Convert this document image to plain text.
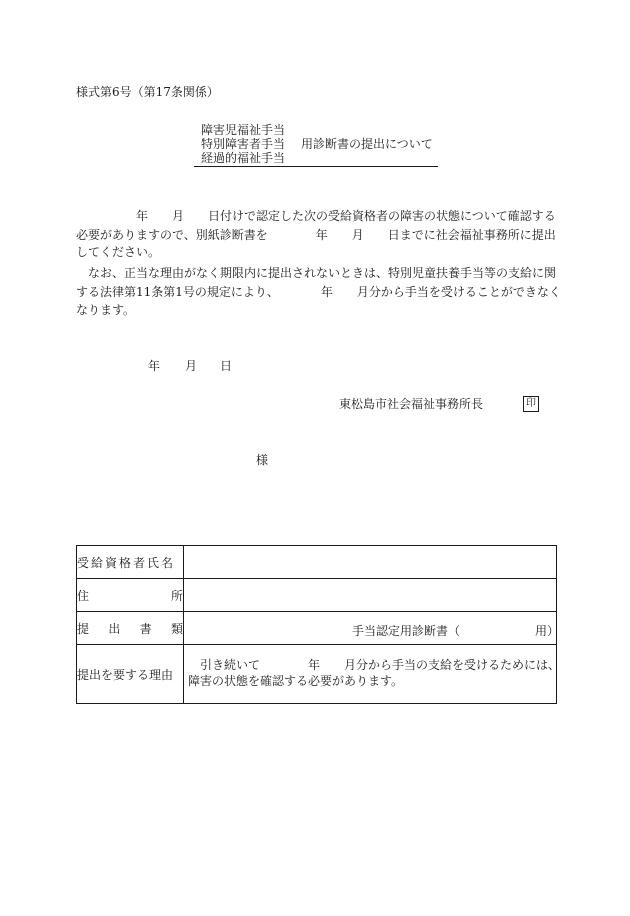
様式第6号（第17条関係）
障害児福祉手当
特別障害者手当
経過的福祉手当
用診断書の提出について
　　　　　年　　月　　日付けで認定した次の受給資格者の障害の状態について確認する
必要がありますので、別紙診断書を　　　　年　　月　　日までに社会福祉事務所に提出
してください。
　なお、正当な理由がなく期限内に提出されないときは、特別児童扶養手当等の支給に関
する法律第11条第1号の規定により、　　　　年　　月分から手当を受けることができなく
なります。
年 月 日
東松島市社会福祉事務所長	印
様
受給資格者氏名	

住 所	

提 出 書 類	手当認定用診断書（ 用）

提出を要する理由	　引き続いて　　　　年　　月分から手当の支給を受けるためには、
障害の状態を確認する必要があります。
